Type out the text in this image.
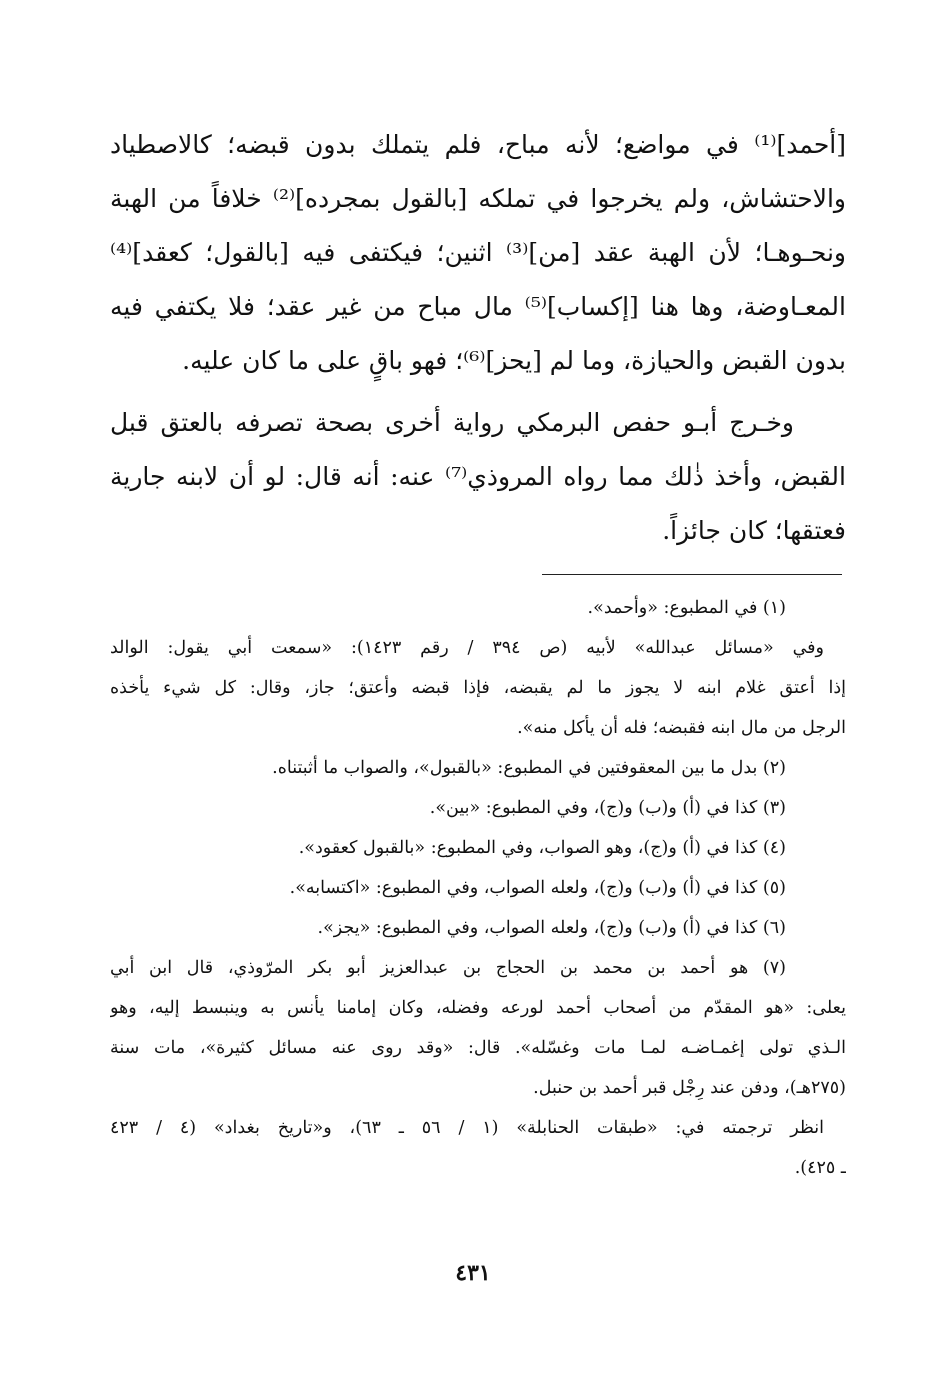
[أحمد]⁽¹⁾ في مواضع؛ لأنه مباح، فلم يتملك بدون قبضه؛ كالاصطياد
والاحتشاش، ولم يخرجوا في تملكه [بالقول بمجرده]⁽²⁾ خلافاً من الهبة
ونحـوهـا؛ لأن الهبة عقد [من]⁽³⁾ اثنين؛ فيكتفى فيه [بالقول؛ كعقد]⁽⁴⁾
المعـاوضة، وها هنا [إكساب]⁽⁵⁾ مال مباح من غير عقد؛ فلا يكتفي فيه
بدون القبض والحيازة، وما لم [يحز]⁽⁶⁾؛ فهو باقٍ على ما كان عليه.
وخـرج أبـو حفص البرمكي رواية أخرى بصحة تصرفه بالعتق قبل
القبض، وأخذ ذٰلك مما رواه المروذي⁽⁷⁾ عنه: أنه قال: لو أن لابنه جارية
فعتقها؛ كان جائزاً.
(١) في المطبوع: «وأحمد».
وفي «مسائل عبدالله» لأبيه (ص ٣٩٤ / رقم ١٤٢٣): «سمعت أبي يقول: الوالد
إذا أعتق غلام ابنه لا يجوز ما لم يقبضه، فإذا قبضه وأعتق؛ جاز، وقال: كل شيء يأخذه
الرجل من مال ابنه فقبضه؛ فله أن يأكل منه».
(٢) بدل ما بين المعقوفتين في المطبوع: «بالقبول»، والصواب ما أثبتناه.
(٣) كذا في (أ) و(ب) و(ج)، وفي المطبوع: «بين».
(٤) كذا في (أ) و(ج)، وهو الصواب، وفي المطبوع: «بالقبول كعقود».
(٥) كذا في (أ) و(ب) و(ج)، ولعله الصواب، وفي المطبوع: «اكتسابه».
(٦) كذا في (أ) و(ب) و(ج)، ولعله الصواب، وفي المطبوع: «يجز».
(٧) هو أحمد بن محمد بن الحجاج بن عبدالعزيز أبو بكر المرّوذي، قال ابن أبي
يعلى: «هو المقدّم من أصحاب أحمد لورعه وفضله، وكان إمامنا يأنس به وينبسط إليه، وهو
الـذي تولى إغمـاضـه لمـا مات وغسّله». قال: «وقد روى عنه مسائل كثيرة»، مات سنة
(٢٧٥هـ)، ودفن عند رِجْل قبر أحمد بن حنبل.
انظر ترجمته في: «طبقات الحنابلة» (١ / ٥٦ ـ ٦٣)، و«تاريخ بغداد» (٤ / ٤٢٣
ـ ٤٢٥).
٤٣١
